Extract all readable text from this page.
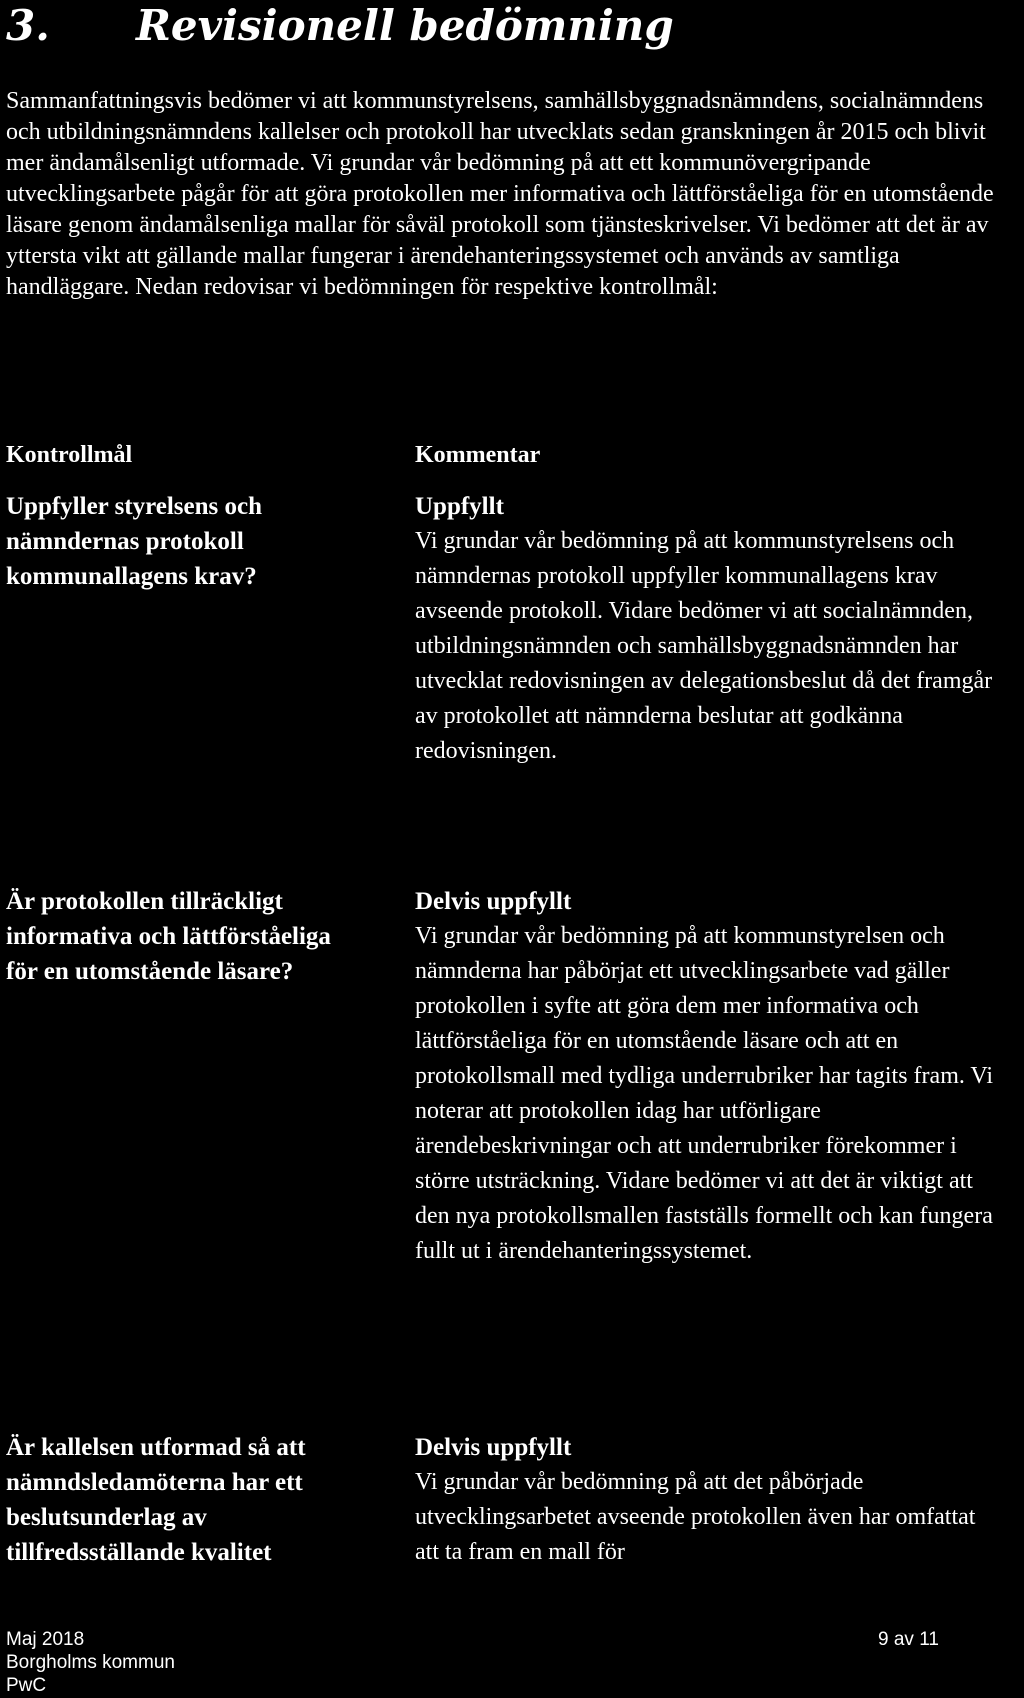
3. Revisionell bedömning

Sammanfattningsvis bedömer vi att kommunstyrelsens, samhällsbyggnadsnämndens, socialnämndens och utbildningsnämndens kallelser och protokoll har utvecklats sedan granskningen år 2015 och blivit mer ändamålsenligt utformade. Vi grundar vår bedömning på att ett kommunövergripande utvecklingsarbete pågår för att göra protokollen mer informativa och lättförståeliga för en utomstående läsare genom ändamålsenliga mallar för såväl protokoll som tjänsteskrivelser. Vi bedömer att det är av yttersta vikt att gällande mallar fungerar i ärendehanteringssystemet och används av samtliga handläggare. Nedan redovisar vi bedömningen för respektive kontrollmål:

Kontrollmål	Kommentar
Uppfyller styrelsens och nämndernas protokoll kommunallagens krav?
Uppfyllt
Vi grundar vår bedömning på att kommunstyrelsens och nämndernas protokoll uppfyller kommunallagens krav avseende protokoll. Vidare bedömer vi att socialnämnden, utbildningsnämnden och samhällsbyggnadsnämnden har utvecklat redovisningen av delegationsbeslut då det framgår av protokollet att nämnderna beslutar att godkänna redovisningen.
Är protokollen tillräckligt informativa och lättförståeliga för en utomstående läsare?
Delvis uppfyllt
Vi grundar vår bedömning på att kommunstyrelsen och nämnderna har påbörjat ett utvecklingsarbete vad gäller protokollen i syfte att göra dem mer informativa och lättförståeliga för en utomstående läsare och att en protokollsmall med tydliga underrubriker har tagits fram. Vi noterar att protokollen idag har utförligare ärendebeskrivningar och att underrubriker förekommer i större utsträckning. Vidare bedömer vi att det är viktigt att den nya protokollsmallen fastställs formellt och kan fungera fullt ut i ärendehanteringssystemet.
Är kallelsen utformad så att nämndsledamöterna har ett beslutsunderlag av tillfredsställande kvalitet
Delvis uppfyllt
Vi grundar vår bedömning på att det påbörjade utvecklingsarbetet avseende protokollen även har omfattat att ta fram en mall för
Maj 2018
Borgholms kommun
PwC
9 av 11
